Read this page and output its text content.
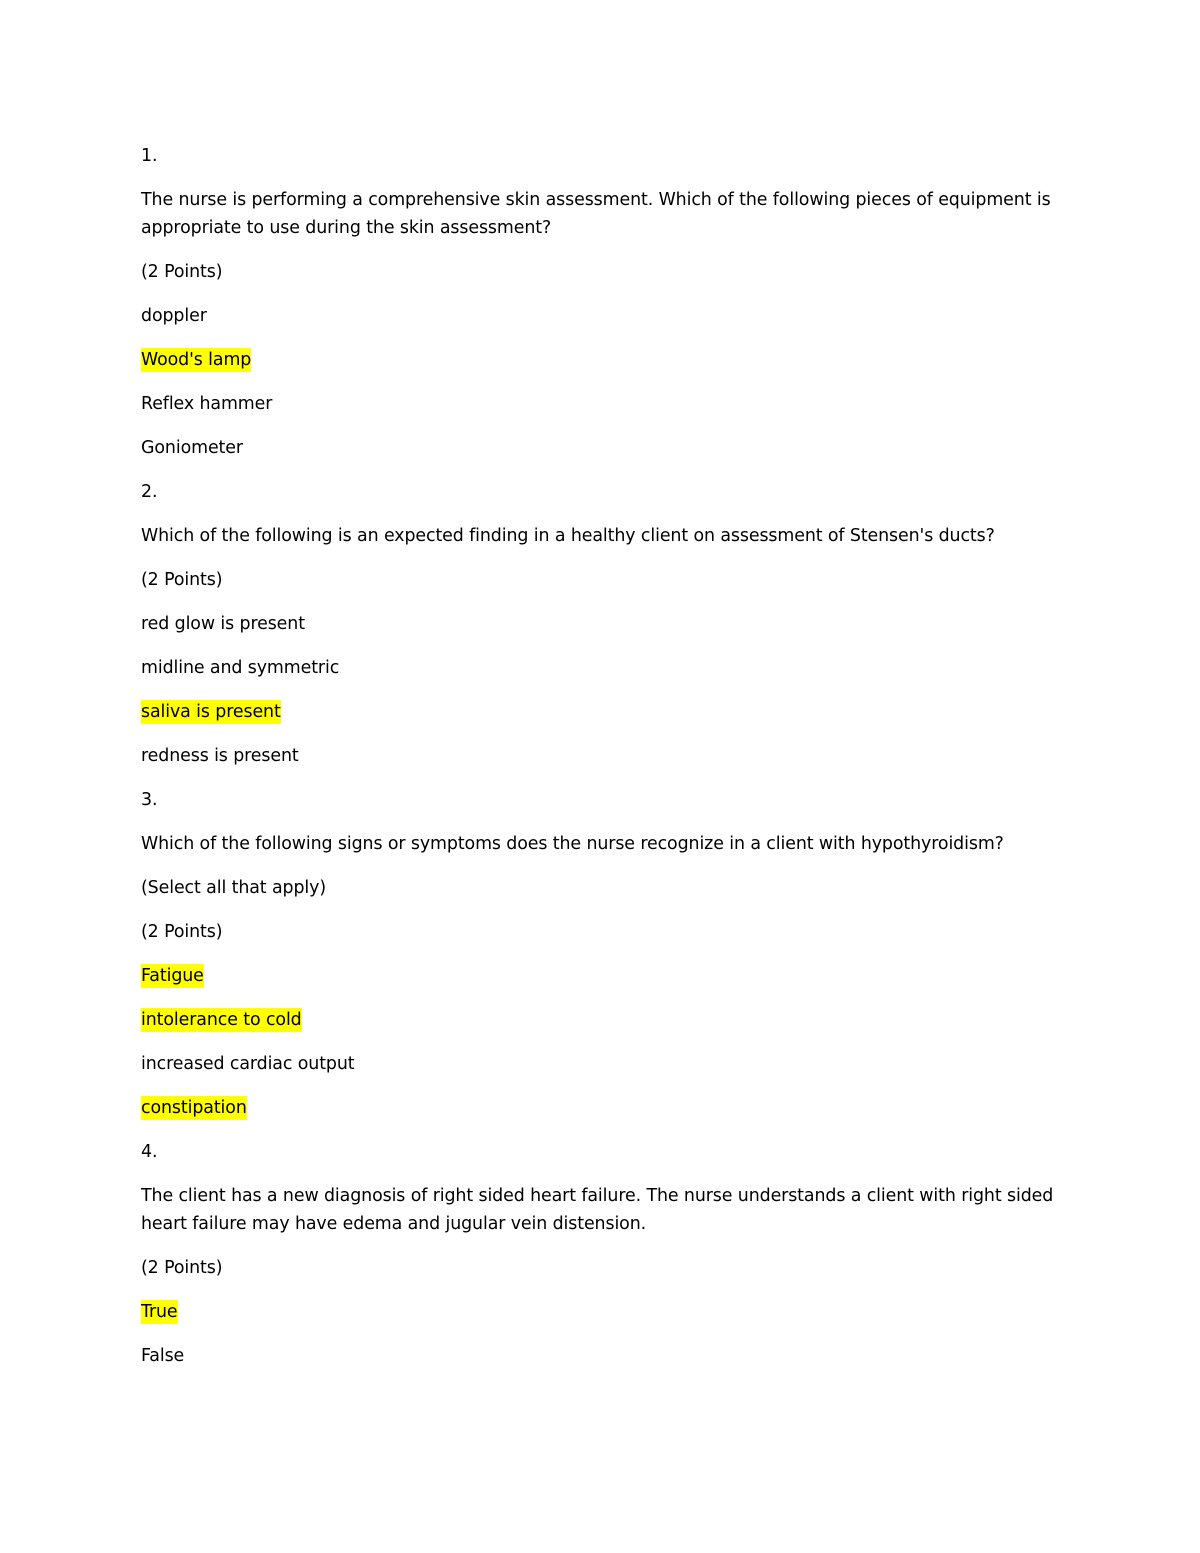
1.
The nurse is performing a comprehensive skin assessment. Which of the following pieces of equipment is appropriate to use during the skin assessment?
(2 Points)
doppler
Wood's lamp
Reflex hammer
Goniometer
2.
Which of the following is an expected finding in a healthy client on assessment of Stensen's ducts?
(2 Points)
red glow is present
midline and symmetric
saliva is present
redness is present
3.
Which of the following signs or symptoms does the nurse recognize in a client with hypothyroidism?
(Select all that apply)
(2 Points)
Fatigue
intolerance to cold
increased cardiac output
constipation
4.
The client has a new diagnosis of right sided heart failure. The nurse understands a client with right sided heart failure may have edema and jugular vein distension.
(2 Points)
True
False
